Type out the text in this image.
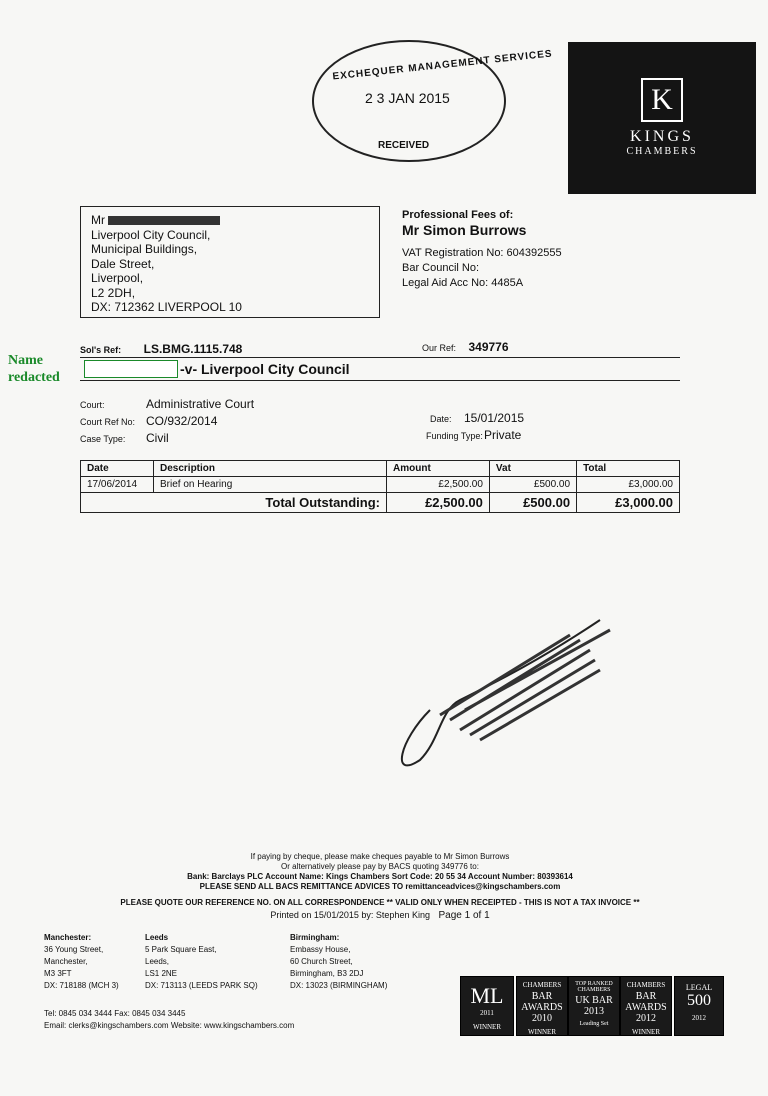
EXCHEQUER MANAGEMENT SERVICES
2 3 JAN 2015
RECEIVED
K
KINGS
CHAMBERS
Mr
Liverpool City Council,
Municipal Buildings,
Dale Street,
Liverpool,
L2 2DH,
DX: 712362 LIVERPOOL 10
Professional Fees of:
Mr Simon Burrows
VAT Registration No: 604392555
Bar Council No:
Legal Aid Acc No: 4485A
Sol's Ref: LS.BMG.1115.748	Our Ref: 349776
Name redacted
-v- Liverpool City Council
Court:	Administrative Court
Court Ref No: CO/932/2014
Case Type: Civil
Date: 15/01/2015
Funding Type:Private
Date	Description	Amount	Vat	Total
17/06/2014	Brief on Hearing	£2,500.00	£500.00	£3,000.00
Total Outstanding:		£2,500.00	£500.00	£3,000.00
If paying by cheque, please make cheques payable to Mr Simon Burrows
Or alternatively please pay by BACS quoting 349776 to:
Bank: Barclays PLC Account Name: Kings Chambers Sort Code: 20 55 34 Account Number: 80393614
PLEASE SEND ALL BACS REMITTANCE ADVICES TO remittanceadvices@kingschambers.com
PLEASE QUOTE OUR REFERENCE NO. ON ALL CORRESPONDENCE ** VALID ONLY WHEN RECEIPTED - THIS IS NOT A TAX INVOICE **
Printed on 15/01/2015 by: Stephen King Page 1 of 1
Manchester:
36 Young Street,
Manchester,
M3 3FT
DX: 718188 (MCH 3)
Leeds
5 Park Square East,
Leeds,
LS1 2NE
DX: 713113 (LEEDS PARK SQ)
Birmingham:
Embassy House,
60 Church Street,
Birmingham, B3 2DJ
DX: 13023 (BIRMINGHAM)
Tel: 0845 034 3444 Fax: 0845 034 3445
Email: clerks@kingschambers.com Website: www.kingschambers.com
ML
2011
WINNER
CHAMBERS
BAR AWARDS 2010
WINNER
TOP RANKED CHAMBERS
UK BAR 2013
Leading Set
CHAMBERS
BAR AWARDS 2012
WINNER
LEGAL
500
2012
